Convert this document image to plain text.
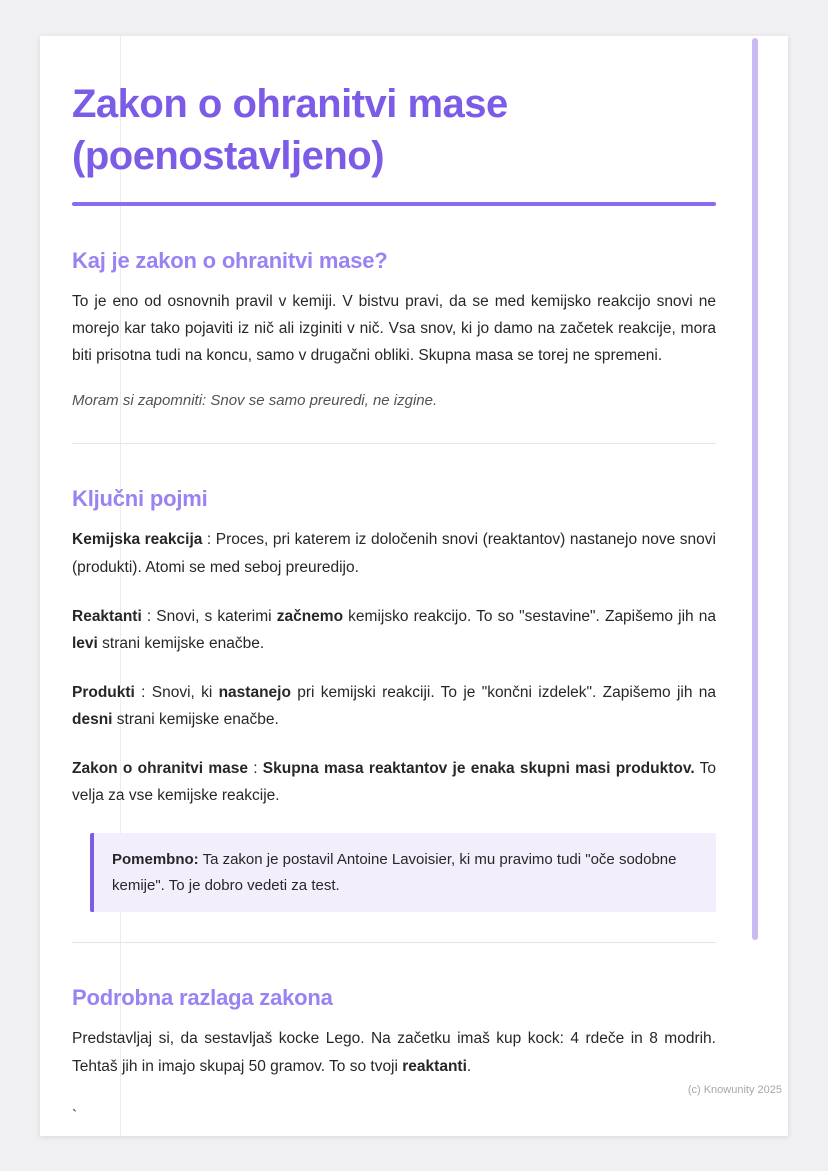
Zakon o ohranitvi mase
(poenostavljeno)
Kaj je zakon o ohranitvi mase?

To je eno od osnovnih pravil v kemiji. V bistvu pravi, da se med kemijsko reakcijo snovi ne morejo kar tako pojaviti iz nič ali izginiti v nič. Vsa snov, ki jo damo na začetek reakcije, mora biti prisotna tudi na koncu, samo v drugačni obliki. Skupna masa se torej ne spremeni.

Moram si zapomniti: Snov se samo preuredi, ne izgine.

Ključni pojmi

Kemijska reakcija : Proces, pri katerem iz določenih snovi (reaktantov) nastanejo nove snovi (produkti). Atomi se med seboj preuredijo.

Reaktanti : Snovi, s katerimi začnemo kemijsko reakcijo. To so "sestavine". Zapišemo jih na levi strani kemijske enačbe.

Produkti : Snovi, ki nastanejo pri kemijski reakciji. To je "končni izdelek". Zapišemo jih na desni strani kemijske enačbe.

Zakon o ohranitvi mase : Skupna masa reaktantov je enaka skupni masi produktov. To velja za vse kemijske reakcije.

Pomembno: Ta zakon je postavil Antoine Lavoisier, ki mu pravimo tudi "oče sodobne kemije". To je dobro vedeti za test.
Podrobna razlaga zakona

Predstavljaj si, da sestavljaš kocke Lego. Na začetku imaš kup kock: 4 rdeče in 8 modrih. Tehtaš jih in imajo skupaj 50 gramov. To so tvoji reaktanti.

`

(c) Knowunity 2025
